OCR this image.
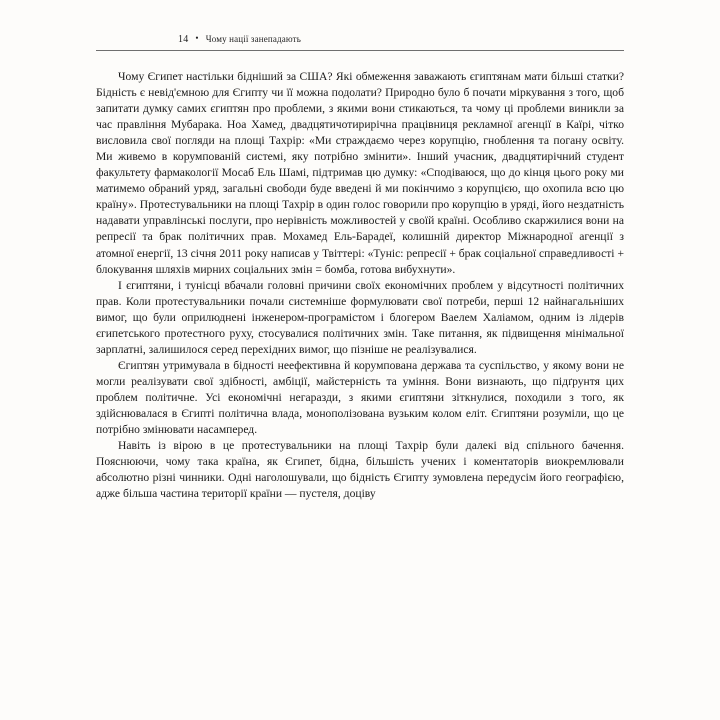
14 • Чому нації занепадають

Чому Єгипет настільки бідніший за США? Які обмеження заважають єгиптянам мати більші статки? Бідність є невід'ємною для Єгипту чи її можна подолати? Природно було б почати міркування з того, щоб запитати думку самих єгиптян про проблеми, з якими вони стикаються, та чому ці проблеми виникли за час правління Мубарака. Ноа Хамед, двадцятичотирирічна працівниця рекламної агенції в Каїрі, чітко висловила свої погляди на площі Тахрір: «Ми страждаємо через корупцію, гноблення та погану освіту. Ми живемо в корумпованій системі, яку потрібно змінити». Інший учасник, двадцятирічний студент факультету фармакології Мосаб Ель Шамі, підтримав цю думку: «Сподіваюся, що до кінця цього року ми матимемо обраний уряд, загальні свободи буде введені й ми покінчимо з корупцією, що охопила всю цю країну». Протестувальники на площі Тахрір в один голос говорили про корупцію в уряді, його нездатність надавати управлінські послуги, про нерівність можливостей у своїй країні. Особливо скаржилися вони на репресії та брак політичних прав. Мохамед Ель-Барадеї, колишній директор Міжнародної агенції з атомної енергії, 13 січня 2011 року написав у Твіттері: «Туніс: репресії + брак соціальної справедливості + блокування шляхів мирних соціальних змін = бомба, готова вибухнути».

І єгиптяни, і тунісці вбачали головні причини своїх економічних проблем у відсутності політичних прав. Коли протестувальники почали системніше формулювати свої потреби, перші 12 найнагальніших вимог, що були оприлюднені інженером-програмістом і блогером Ваелем Халіамом, одним із лідерів єгипетського протестного руху, стосувалися політичних змін. Таке питання, як підвищення мінімальної зарплатні, залишилося серед перехідних вимог, що пізніше не реалізувалися.

Єгиптян утримувала в бідності неефективна й корумпована держава та суспільство, у якому вони не могли реалізувати свої здібності, амбіції, майстерність та уміння. Вони визнають, що підґрунтя цих проблем політичне. Усі економічні негаразди, з якими єгиптяни зіткнулися, походили з того, як здійснювалася в Єгипті політична влада, монополізована вузьким колом еліт. Єгиптяни розуміли, що це потрібно змінювати насамперед.

Навіть із вірою в це протестувальники на площі Тахрір були далекі від спільного бачення. Пояснюючи, чому така країна, як Єгипет, бідна, більшість учених і коментаторів виокремлювали абсолютно різні чинники. Одні наголошували, що бідність Єгипту зумовлена передусім його географією, адже більша частина території країни — пустеля, доціву
